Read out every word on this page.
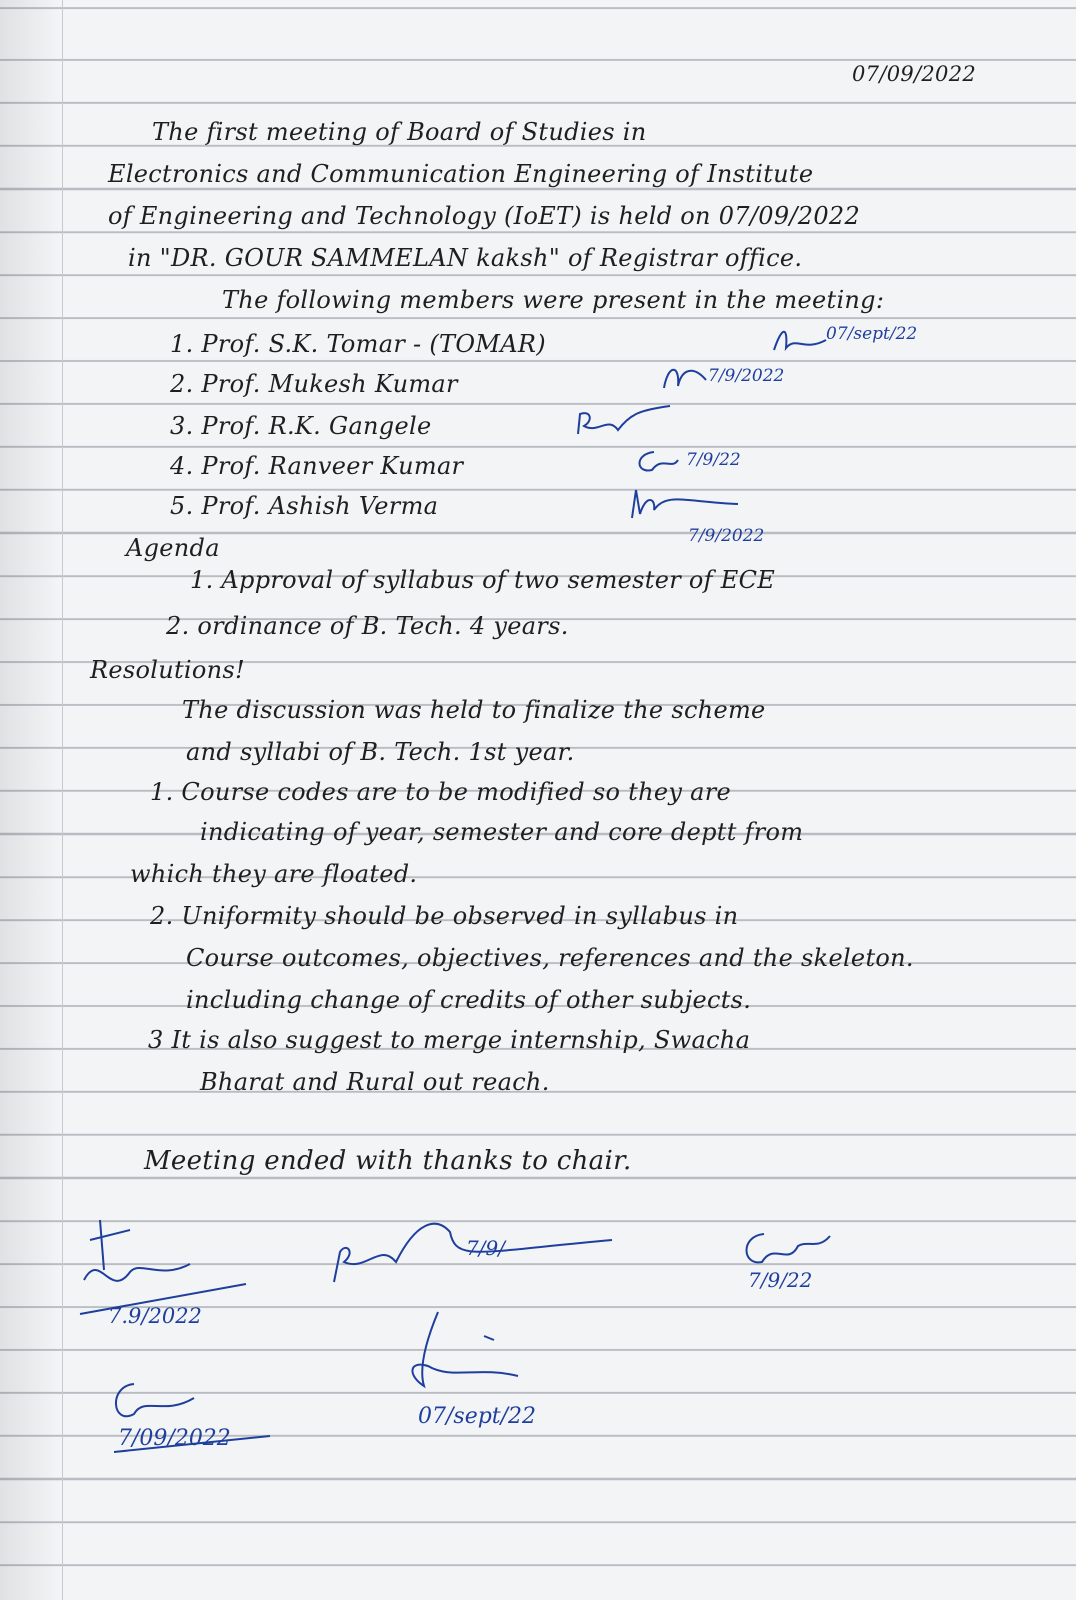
07/09/2022
The first meeting of Board of Studies in
Electronics and Communication Engineering of Institute
of Engineering and Technology (IoET) is held on 07/09/2022
in "DR. GOUR SAMMELAN kaksh" of Registrar office.
The following members were present in the meeting:
1. Prof. S.K. Tomar - (TOMAR)
2. Prof. Mukesh Kumar
3. Prof. R.K. Gangele
4. Prof. Ranveer Kumar
5. Prof. Ashish Verma
07/sept/22
7/9/2022
7/9/22
7/9/2022
Agenda
1. Approval of syllabus of two semester of ECE
2. ordinance of B. Tech. 4 years.
Resolutions!
The discussion was held to finalize the scheme
and syllabi of B. Tech. 1st year.
1. Course codes are to be modified so they are
indicating of year, semester and core deptt from
which they are floated.
2. Uniformity should be observed in syllabus in
Course outcomes, objectives, references and the skeleton.
including change of credits of other subjects.
3 It is also suggest to merge internship, Swacha
Bharat and Rural out reach.
Meeting ended with thanks to chair.
7.9/2022
7/9/
7/9/22
7/09/2022
07/sept/22
